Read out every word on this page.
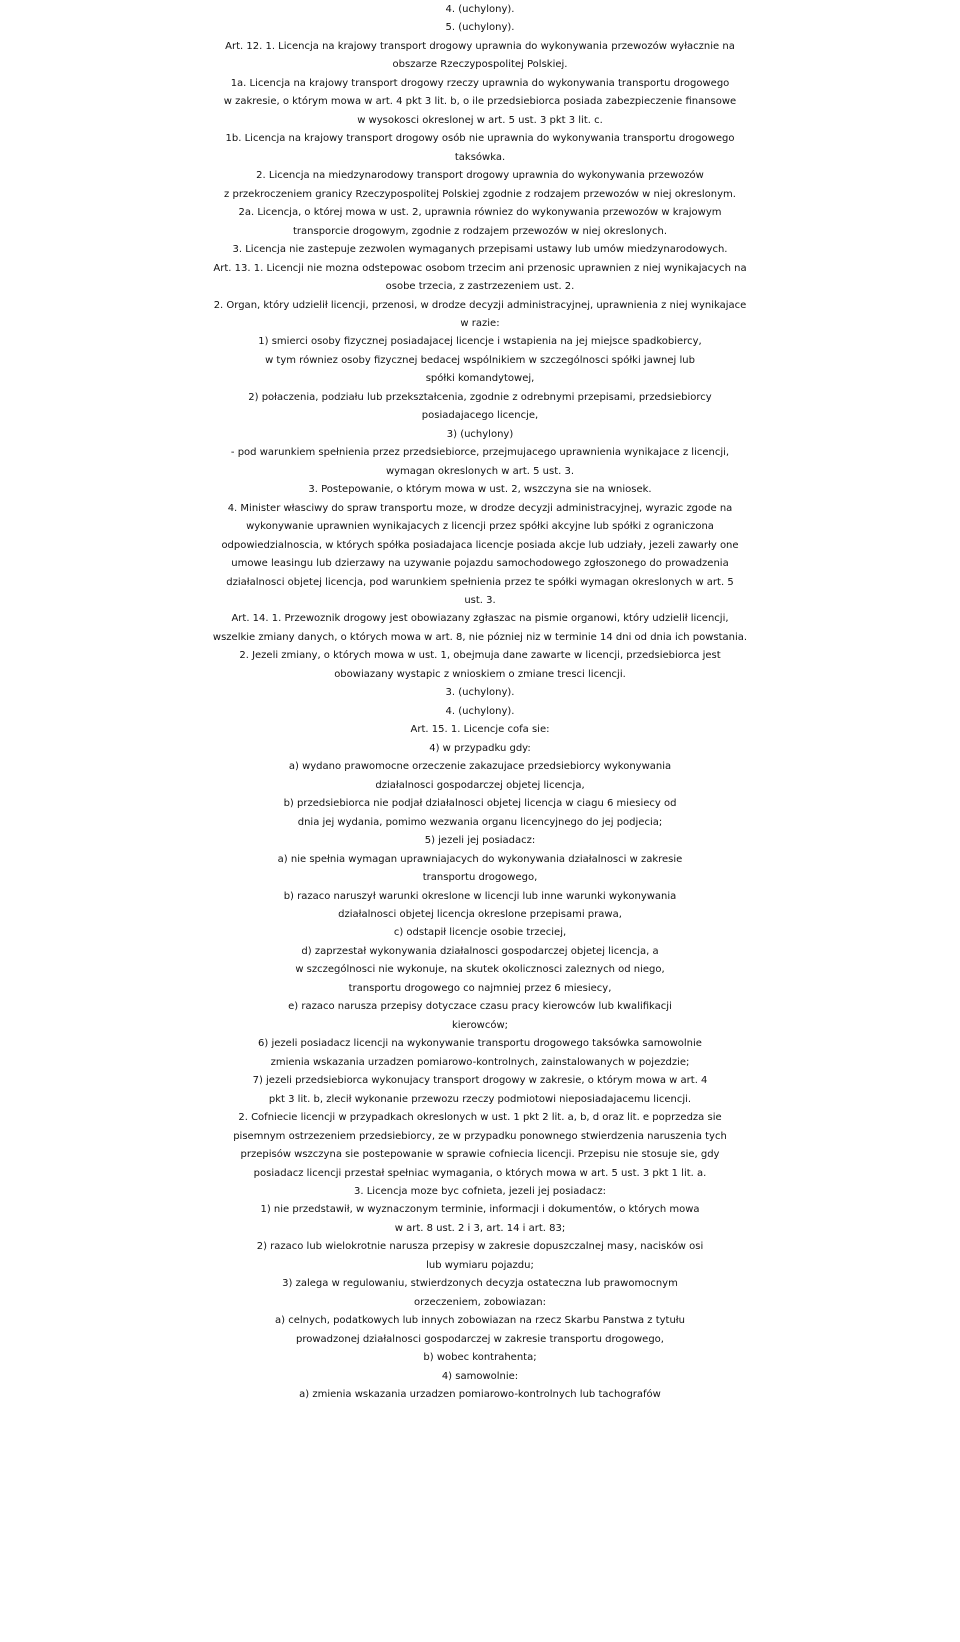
4. (uchylony).
5. (uchylony).
Art. 12. 1. Licencja na krajowy transport drogowy uprawnia do wykonywania przewozów wyłacznie na
obszarze Rzeczypospolitej Polskiej.
1a. Licencja na krajowy transport drogowy rzeczy uprawnia do wykonywania transportu drogowego
w zakresie, o którym mowa w art. 4 pkt 3 lit. b, o ile przedsiebiorca posiada zabezpieczenie finansowe
w wysokosci okreslonej w art. 5 ust. 3 pkt 3 lit. c.
1b. Licencja na krajowy transport drogowy osób nie uprawnia do wykonywania transportu drogowego
taksówka.
2. Licencja na miedzynarodowy transport drogowy uprawnia do wykonywania przewozów
z przekroczeniem granicy Rzeczypospolitej Polskiej zgodnie z rodzajem przewozów w niej okreslonym.
2a. Licencja, o której mowa w ust. 2, uprawnia równiez do wykonywania przewozów w krajowym
transporcie drogowym, zgodnie z rodzajem przewozów w niej okreslonych.
3. Licencja nie zastepuje zezwolen wymaganych przepisami ustawy lub umów miedzynarodowych.
Art. 13. 1. Licencji nie mozna odstepowac osobom trzecim ani przenosic uprawnien z niej wynikajacych na
osobe trzecia, z zastrzezeniem ust. 2.
2. Organ, który udzielił licencji, przenosi, w drodze decyzji administracyjnej, uprawnienia z niej wynikajace
w razie:
1) smierci osoby fizycznej posiadajacej licencje i wstapienia na jej miejsce spadkobiercy,
w tym równiez osoby fizycznej bedacej wspólnikiem w szczególnosci spółki jawnej lub
spółki komandytowej,
2) połaczenia, podziału lub przekształcenia, zgodnie z odrebnymi przepisami, przedsiebiorcy
posiadajacego licencje,
3) (uchylony)
- pod warunkiem spełnienia przez przedsiebiorce, przejmujacego uprawnienia wynikajace z licencji,
wymagan okreslonych w art. 5 ust. 3.
3. Postepowanie, o którym mowa w ust. 2, wszczyna sie na wniosek.
4. Minister własciwy do spraw transportu moze, w drodze decyzji administracyjnej, wyrazic zgode na
wykonywanie uprawnien wynikajacych z licencji przez spółki akcyjne lub spółki z ograniczona
odpowiedzialnoscia, w których spółka posiadajaca licencje posiada akcje lub udziały, jezeli zawarły one
umowe leasingu lub dzierzawy na uzywanie pojazdu samochodowego zgłoszonego do prowadzenia
działalnosci objetej licencja, pod warunkiem spełnienia przez te spółki wymagan okreslonych w art. 5
ust. 3.
Art. 14. 1. Przewoznik drogowy jest obowiazany zgłaszac na pismie organowi, który udzielił licencji,
wszelkie zmiany danych, o których mowa w art. 8, nie pózniej niz w terminie 14 dni od dnia ich powstania.
2. Jezeli zmiany, o których mowa w ust. 1, obejmuja dane zawarte w licencji, przedsiebiorca jest
obowiazany wystapic z wnioskiem o zmiane tresci licencji.
3. (uchylony).
4. (uchylony).
Art. 15. 1. Licencje cofa sie:
4) w przypadku gdy:
a) wydano prawomocne orzeczenie zakazujace przedsiebiorcy wykonywania
działalnosci gospodarczej objetej licencja,
b) przedsiebiorca nie podjał działalnosci objetej licencja w ciagu 6 miesiecy od
dnia jej wydania, pomimo wezwania organu licencyjnego do jej podjecia;
5) jezeli jej posiadacz:
a) nie spełnia wymagan uprawniajacych do wykonywania działalnosci w zakresie
transportu drogowego,
b) razaco naruszył warunki okreslone w licencji lub inne warunki wykonywania
działalnosci objetej licencja okreslone przepisami prawa,
c) odstapił licencje osobie trzeciej,
d) zaprzestał wykonywania działalnosci gospodarczej objetej licencja, a
w szczególnosci nie wykonuje, na skutek okolicznosci zaleznych od niego,
transportu drogowego co najmniej przez 6 miesiecy,
e) razaco narusza przepisy dotyczace czasu pracy kierowców lub kwalifikacji
kierowców;
6) jezeli posiadacz licencji na wykonywanie transportu drogowego taksówka samowolnie
zmienia wskazania urzadzen pomiarowo-kontrolnych, zainstalowanych w pojezdzie;
7) jezeli przedsiebiorca wykonujacy transport drogowy w zakresie, o którym mowa w art. 4
pkt 3 lit. b, zlecił wykonanie przewozu rzeczy podmiotowi nieposiadajacemu licencji.
2. Cofniecie licencji w przypadkach okreslonych w ust. 1 pkt 2 lit. a, b, d oraz lit. e poprzedza sie
pisemnym ostrzezeniem przedsiebiorcy, ze w przypadku ponownego stwierdzenia naruszenia tych
przepisów wszczyna sie postepowanie w sprawie cofniecia licencji. Przepisu nie stosuje sie, gdy
posiadacz licencji przestał spełniac wymagania, o których mowa w art. 5 ust. 3 pkt 1 lit. a.
3. Licencja moze byc cofnieta, jezeli jej posiadacz:
1) nie przedstawił, w wyznaczonym terminie, informacji i dokumentów, o których mowa
w art. 8 ust. 2 i 3, art. 14 i art. 83;
2) razaco lub wielokrotnie narusza przepisy w zakresie dopuszczalnej masy, nacisków osi
lub wymiaru pojazdu;
3) zalega w regulowaniu, stwierdzonych decyzja ostateczna lub prawomocnym
orzeczeniem, zobowiazan:
a) celnych, podatkowych lub innych zobowiazan na rzecz Skarbu Panstwa z tytułu
prowadzonej działalnosci gospodarczej w zakresie transportu drogowego,
b) wobec kontrahenta;
4) samowolnie:
a) zmienia wskazania urzadzen pomiarowo-kontrolnych lub tachografów
